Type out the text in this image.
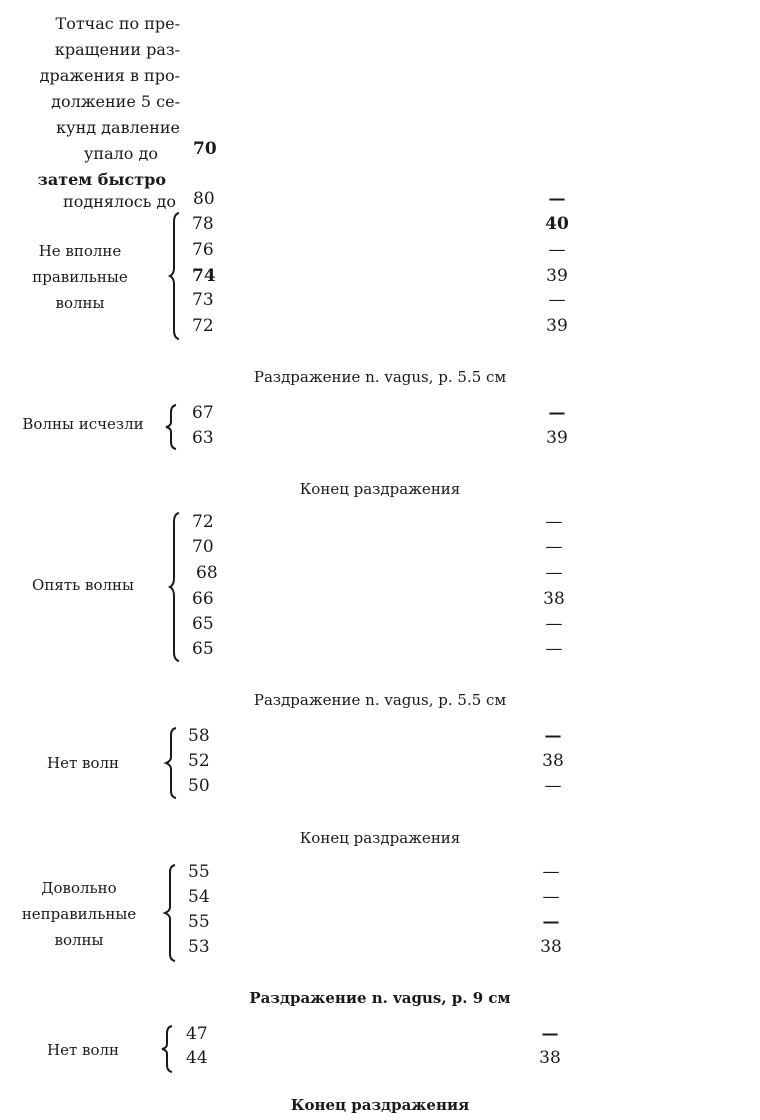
Тотчас по пре-
кращении раз-
дражения в про-
должение 5 се-
кунд давление
упало до
затем быстро
поднялось до
70
80	—
Не вполне
правильные
волны
78
76
74
73
72
40
—
39
—
39
Раздражение n. vagus, p. 5.5 см
Волны исчезли
67
63
—
39
Конец раздражения
Опять волны
72
70
68
66
65
65
—
—
—
38
—
—
Раздражение n. vagus, p. 5.5 см
Нет волн
58
52
50
—
38
—
Конец раздражения
Довольно
неправильные
волны
55
54
55
53
—
—
—
38
Раздражение n. vagus, p. 9 см
Нет волн
47
44
—
38
Конец раздражения
